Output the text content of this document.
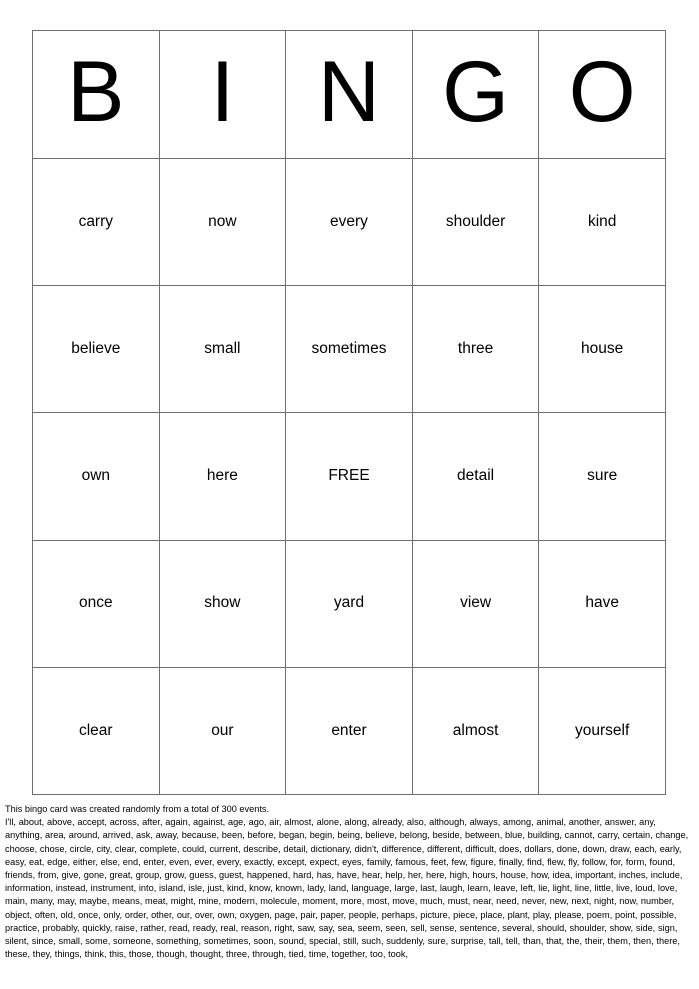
B I N G O
carry	now	every	shoulder	kind
believe	small	sometimes	three	house
own	here	FREE	detail	sure
once	show	yard	view	have
clear	our	enter	almost	yourself
This bingo card was created randomly from a total of 300 events.
I'll, about, above, accept, across, after, again, against, age, ago, air, almost, alone, along, already, also, although, always, among, animal, another, answer, any, anything, area, around, arrived, ask, away, because, been, before, began, begin, being, believe, belong, beside, between, blue, building, cannot, carry, certain, change, choose, chose, circle, city, clear, complete, could, current, describe, detail, dictionary, didn't, difference, different, difficult, does, dollars, done, down, draw, each, early, easy, eat, edge, either, else, end, enter, even, ever, every, exactly, except, expect, eyes, family, famous, feet, few, figure, finally, find, flew, fly, follow, for, form, found, friends, from, give, gone, great, group, grow, guess, guest, happened, hard, has, have, hear, help, her, here, high, hours, house, how, idea, important, inches, include, information, instead, instrument, into, island, isle, just, kind, know, known, lady, land, language, large, last, laugh, learn, leave, left, lie, light, line, little, live, loud, love, main, many, may, maybe, means, meat, might, mine, modern, molecule, moment, more, most, move, much, must, near, need, never, new, next, night, now, number, object, often, old, once, only, order, other, our, over, own, oxygen, page, pair, paper, people, perhaps, picture, piece, place, plant, play, please, poem, point, possible, practice, probably, quickly, raise, rather, read, ready, real, reason, right, saw, say, sea, seem, seen, sell, sense, sentence, several, should, shoulder, show, side, sign, silent, since, small, some, someone, something, sometimes, soon, sound, special, still, such, suddenly, sure, surprise, tall, tell, than, that, the, their, them, then, there, these, they, things, think, this, those, though, thought, three, through, tied, time, together, too, took,
